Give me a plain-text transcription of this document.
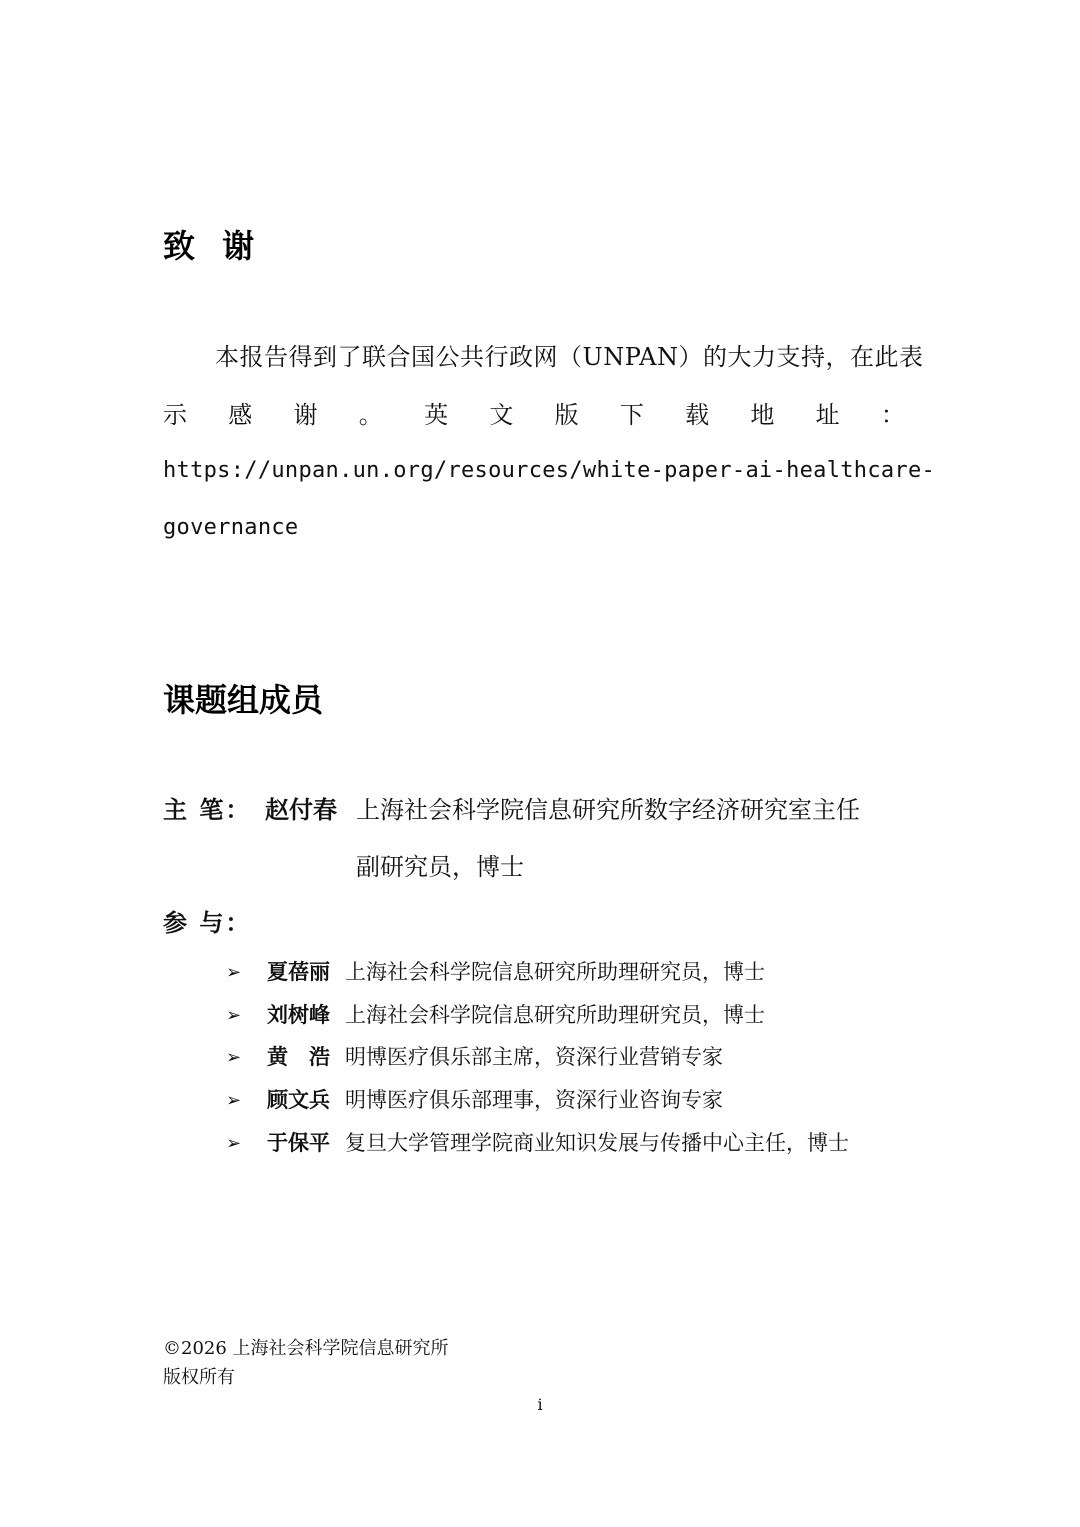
致 谢
本报告得到了联合国公共行政网（UNPAN）的大力支持，在此表
示 感 谢 。 英 文 版 下 载 地 址 ：
https://unpan.un.org/resources/white-paper-ai-healthcare-
governance
课题组成员
主 笔： 赵付春 上海社会科学院信息研究所数字经济研究室主任
副研究员，博士
参 与：
➢ 夏蓓丽 上海社会科学院信息研究所助理研究员，博士
➢ 刘树峰 上海社会科学院信息研究所助理研究员，博士
➢ 黄　浩 明博医疗俱乐部主席，资深行业营销专家
➢ 顾文兵 明博医疗俱乐部理事，资深行业咨询专家
➢ 于保平 复旦大学管理学院商业知识发展与传播中心主任，博士
©2026 上海社会科学院信息研究所
版权所有
i
